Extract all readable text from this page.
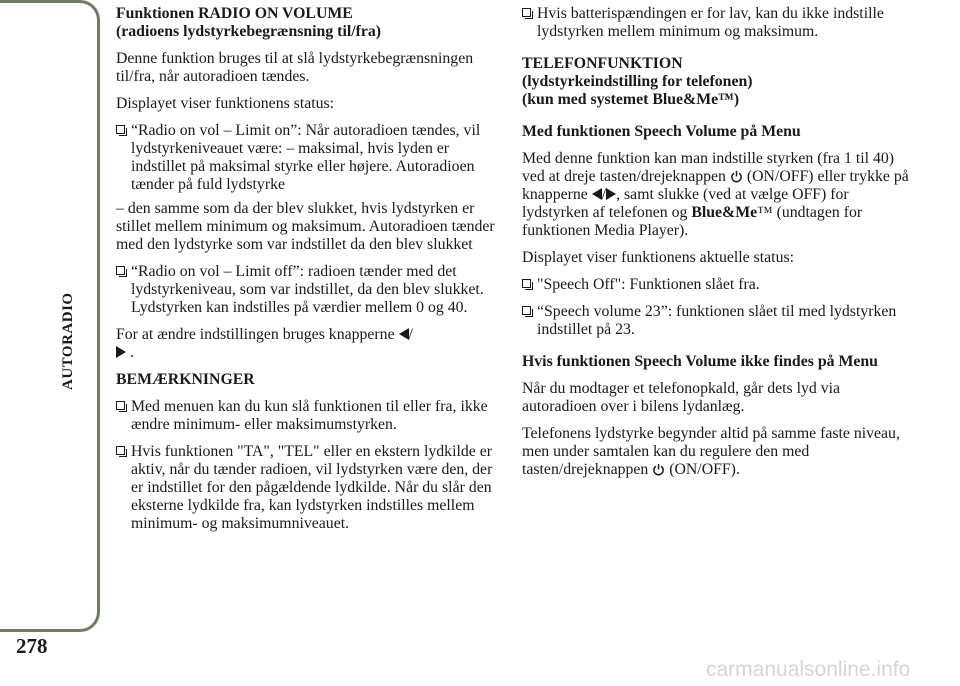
AUTORADIO
278
carmanualsonline.info
Funktionen RADIO ON VOLUME
(radioens lydstyrkebegrænsning til/fra)

Denne funktion bruges til at slå lydstyrkebegrænsningen til/fra, når autoradioen tændes.

Displayet viser funktionens status:

“Radio on vol – Limit on”: Når autoradioen tændes, vil lydstyrkeniveauet være: – maksimal, hvis lyden er indstillet på maksimal styrke eller højere. Autoradioen tænder på fuld lydstyrke

– den samme som da der blev slukket, hvis lydstyrken er stillet mellem minimum og maksimum. Autoradioen tænder med den lydstyrke som var indstillet da den blev slukket

“Radio on vol – Limit off”: radioen tænder med det lydstyrkeniveau, som var indstillet, da den blev slukket. Lydstyrken kan indstilles på værdier mellem 0 og 40.

For at ændre indstillingen bruges knapperne /
.

BEMÆRKNINGER
Med menuen kan du kun slå funktionen til eller fra, ikke ændre minimum- eller maksimumstyrken.
Hvis funktionen "TA", "TEL" eller en ekstern lydkilde er aktiv, når du tænder radioen, vil lydstyrken være den, der er indstillet for den pågældende lydkilde. Når du slår den eksterne lydkilde fra, kan lydstyrken indstilles mellem minimum- og maksimumniveauet.
Hvis batterispændingen er for lav, kan du ikke indstille lydstyrken mellem minimum og maksimum.
TELEFONFUNKTION
(lydstyrkeindstilling for telefonen)
(kun med systemet Blue&Me™)
Med funktionen Speech Volume på Menu

Med denne funktion kan man indstille styrken (fra 1 til 40) ved at dreje tasten/drejeknappen (ON/OFF) eller trykke på knapperne / , samt slukke (ved at vælge OFF) for lydstyrken af telefonen og Blue&Me™ (undtagen for funktionen Media Player).

Displayet viser funktionens aktuelle status:

"Speech Off": Funktionen slået fra.
“Speech volume 23”: funktionen slået til med lydstyrken indstillet på 23.
Hvis funktionen Speech Volume ikke findes på Menu

Når du modtager et telefonopkald, går dets lyd via autoradioen over i bilens lydanlæg.

Telefonens lydstyrke begynder altid på samme faste niveau, men under samtalen kan du regulere den med tasten/drejeknappen (ON/OFF).
